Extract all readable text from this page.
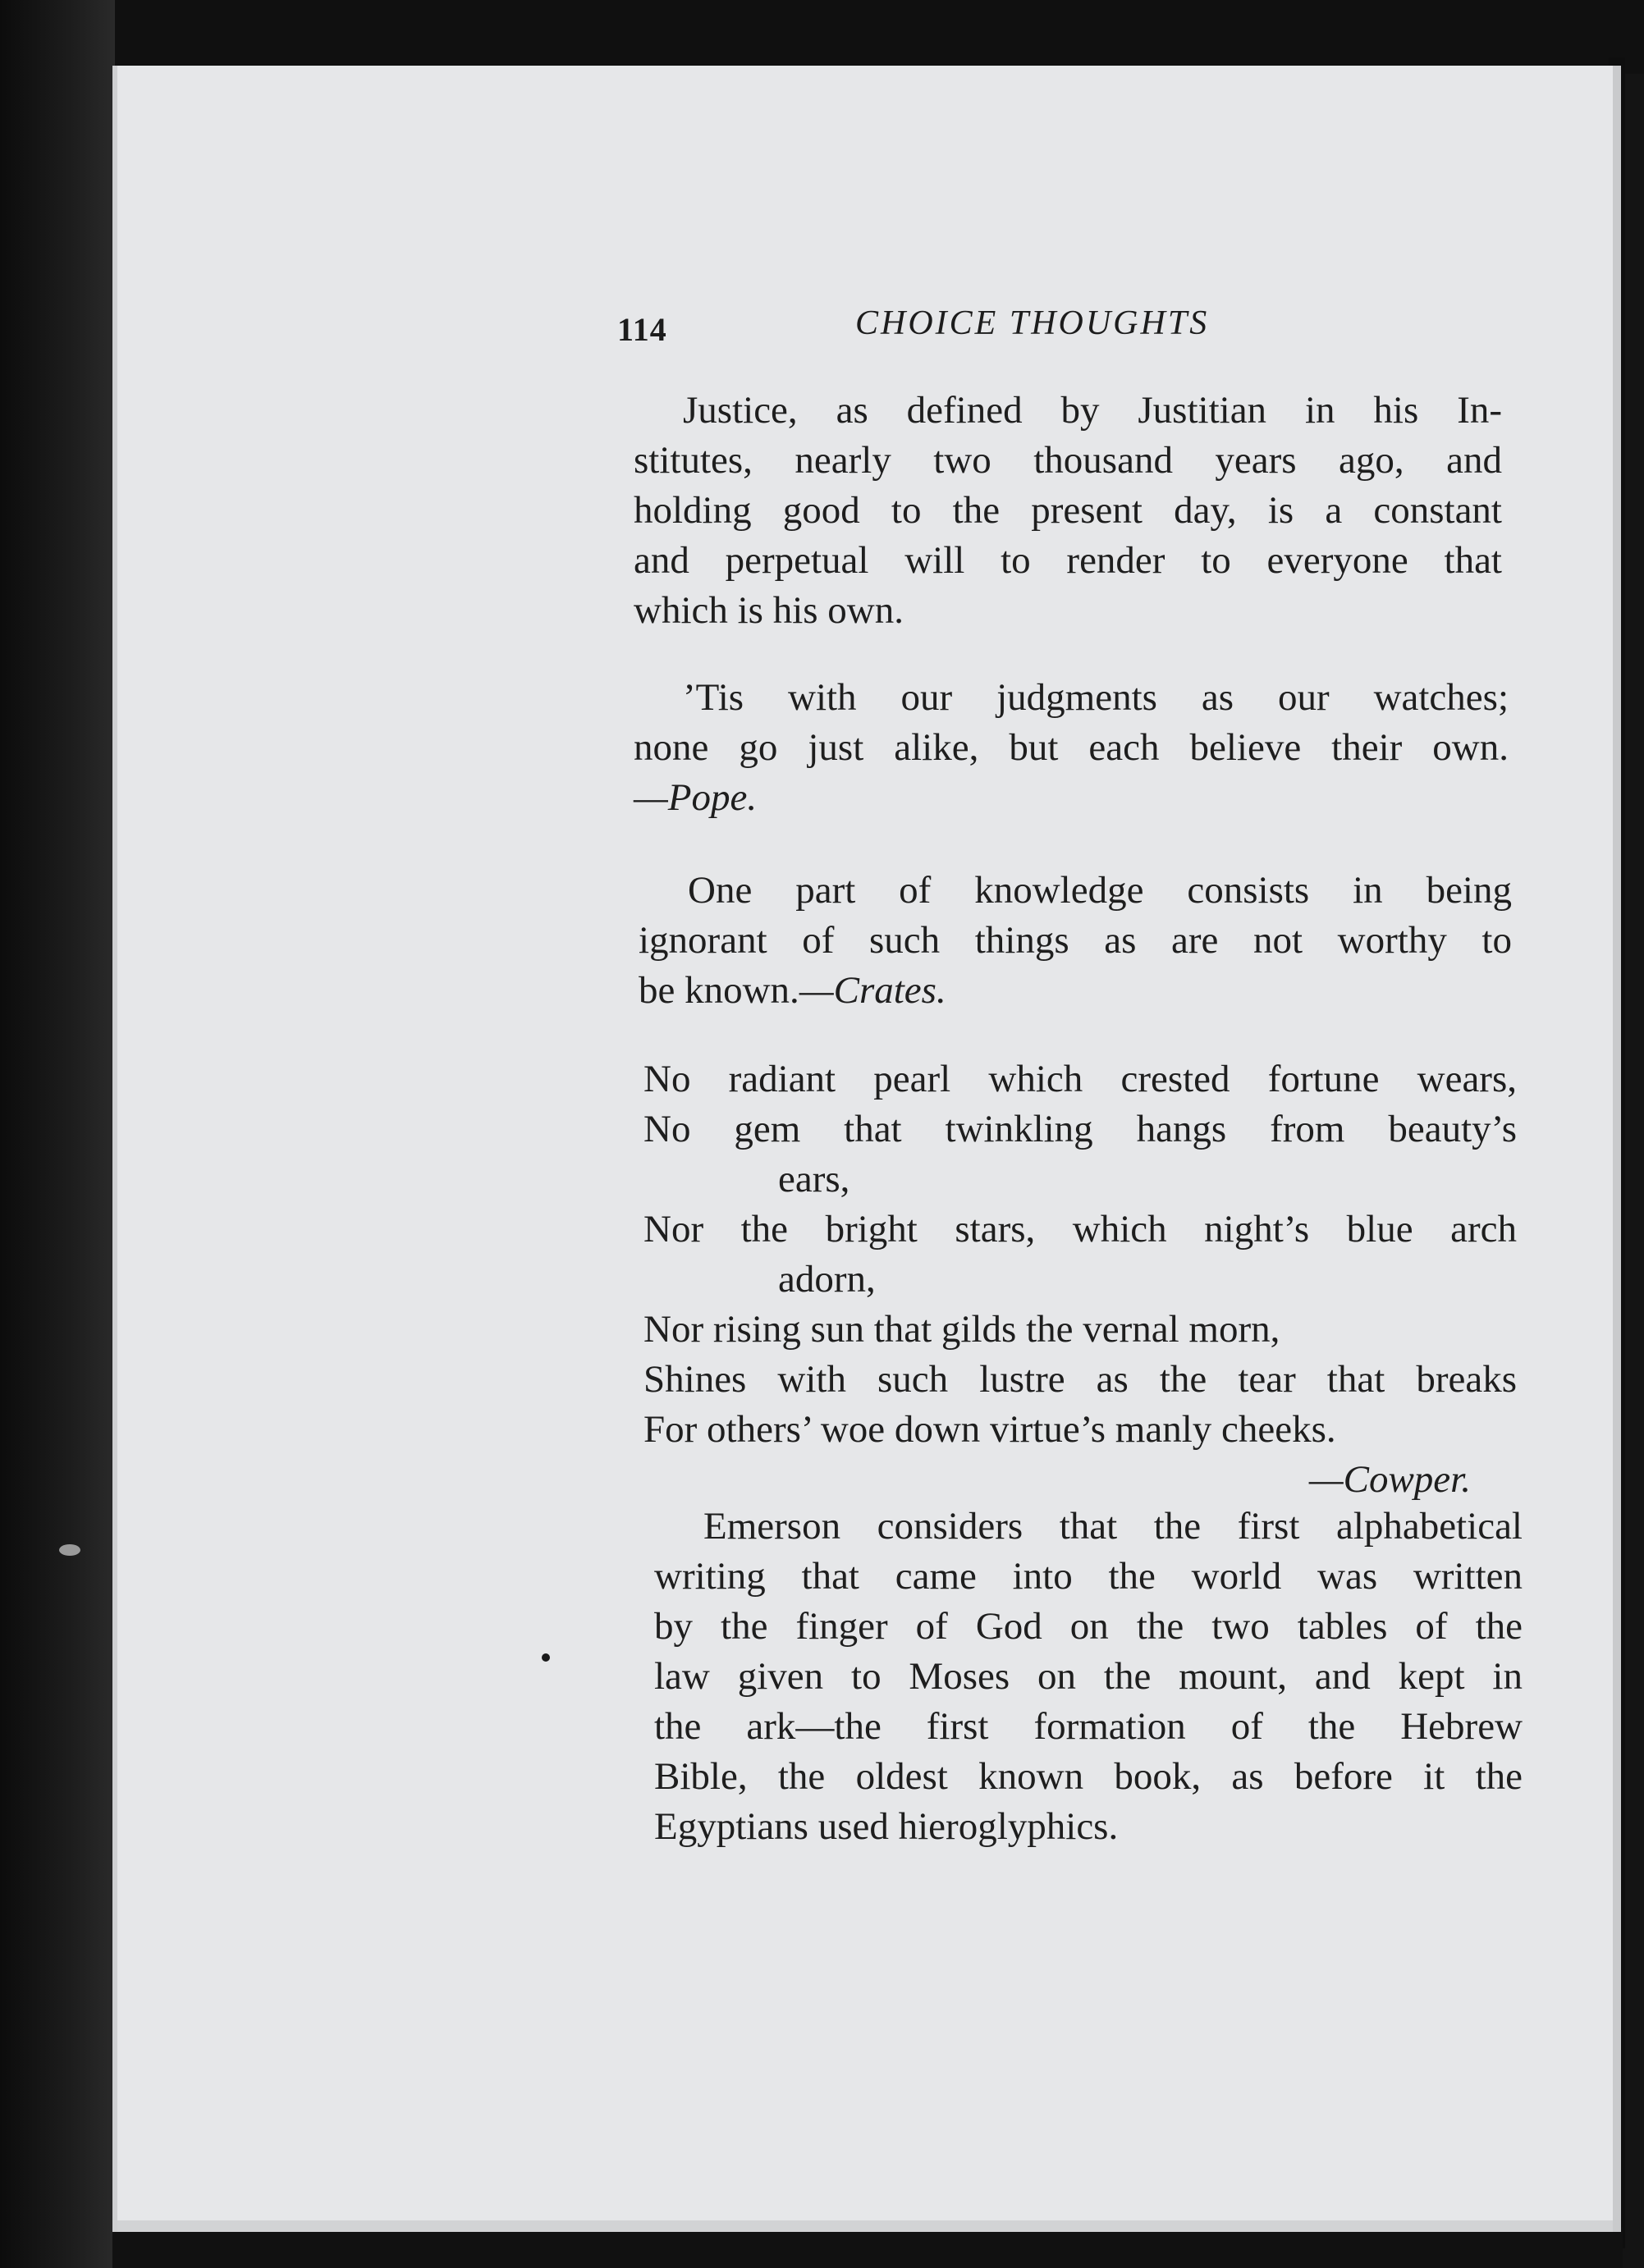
114	CHOICE THOUGHTS
Justice, as defined by Justitian in his In-
stitutes, nearly two thousand years ago, and
holding good to the present day, is a constant
and perpetual will to render to everyone that
which is his own.
’Tis with our judgments as our watches;
none go just alike, but each believe their own.
—Pope.
One part of knowledge consists in being
ignorant of such things as are not worthy to
be known.—Crates.
No radiant pearl which crested fortune wears,
No gem that twinkling hangs from beauty’s
ears,
Nor the bright stars, which night’s blue arch
adorn,
Nor rising sun that gilds the vernal morn,
Shines with such lustre as the tear that breaks
For others’ woe down virtue’s manly cheeks.
—Cowper.
Emerson considers that the first alphabetical
writing that came into the world was written
by the finger of God on the two tables of the
law given to Moses on the mount, and kept in
the ark—the first formation of the Hebrew
Bible, the oldest known book, as before it the
Egyptians used hieroglyphics.
